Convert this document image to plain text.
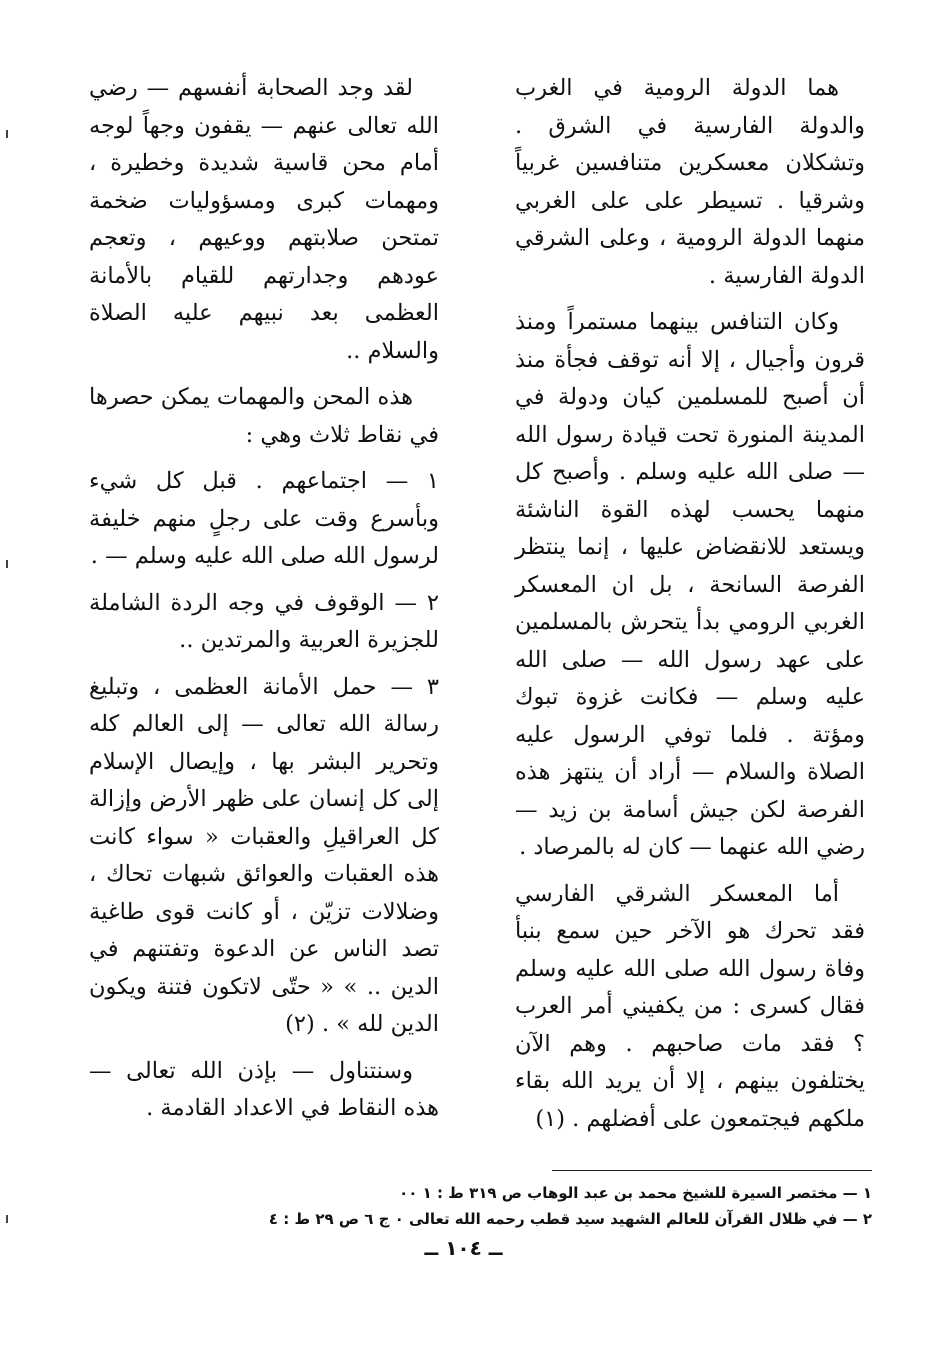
هما الدولة الرومية في الغرب والدولة الفارسية في الشرق . وتشكلان معسكرين متنافسين غربياً وشرقيا . تسيطر على على الغربي منهما الدولة الرومية ، وعلى الشرقي الدولة الفارسية .

وكان التنافس بينهما مستمراً ومنذ قرون وأجيال ، إلا أنه توقف فجأة منذ أن أصبح للمسلمين كيان ودولة في المدينة المنورة تحت قيادة رسول الله — صلى الله عليه وسلم . وأصبح كل منهما يحسب لهذه القوة الناشئة ويستعد للانقضاض عليها ، إنما ينتظر الفرصة السانحة ، بل ان المعسكر الغربي الرومي بدأ يتحرش بالمسلمين على عهد رسول الله — صلى الله عليه وسلم — فكانت غزوة تبوك ومؤتة . فلما توفي الرسول عليه الصلاة والسلام — أراد أن ينتهز هذه الفرصة لكن جيش أسامة بن زيد — رضي الله عنهما — كان له بالمرصاد .

أما المعسكر الشرقي الفارسي فقد تحرك هو الآخر حين سمع بنبأ وفاة رسول الله صلى الله عليه وسلم فقال كسرى : من يكفيني أمر العرب ؟ فقد مات صاحبهم . وهم الآن يختلفون بينهم ، إلا أن يريد الله بقاء ملكهم فيجتمعون على أفضلهم . (١)

لقد وجد الصحابة أنفسهم — رضي الله تعالى عنهم — يقفون وجهاً لوجه أمام محن قاسية شديدة وخطيرة ، ومهمات كبرى ومسؤوليات ضخمة تمتحن صلابتهم ووعيهم ، وتعجم عودهم وجدارتهم للقيام بالأمانة العظمى بعد نبيهم عليه الصلاة والسلام ..

هذه المحن والمهمات يمكن حصرها في نقاط ثلاث وهي :

١ — اجتماعهم . قبل كل شيء وبأسرع وقت على رجلٍ منهم خليفة لرسول الله صلى الله عليه وسلم — .

٢ — الوقوف في وجه الردة الشاملة للجزيرة العربية والمرتدين ..

٣ — حمل الأمانة العظمى ، وتبليغ رسالة الله تعالى — إلى العالم كله وتحرير البشر بها ، وإيصال الإسلام إلى كل إنسان على ظهر الأرض وإزالة كل العراقيلِ والعقبات « سواء كانت هذه العقبات والعوائق شبهات تحاك ، وضلالات تزيّن ، أو كانت قوى طاغية تصد الناس عن الدعوة وتفتنهم في الدين .. » « حتّى لاتكون فتنة ويكون الدين لله » . (٢)

وسنتناول — بإذن الله تعالى — هذه النقاط في الاعداد القادمة .

١ — مختصر السيرة للشيخ محمد بن عبد الوهاب ص ٣١٩ ط : ١ ٠٠
٢ — في ظلال القرآن للعالم الشهيد سيد قطب رحمه الله تعالى ٠ ج ٦ ص ٢٩ ط : ٤
ــ ١٠٤ ــ
